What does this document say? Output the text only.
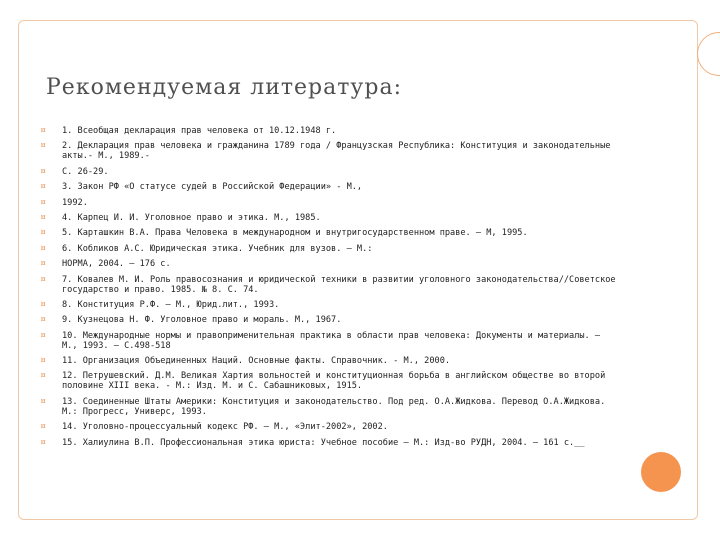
Рекомендуемая литература:
¤	1. Всеобщая декларация прав человека от 10.12.1948 г.
¤	2. Декларация прав человека и гражданина 1789 года / Французская Республика: Конституция и законодательные акты.- М., 1989.-
¤	С. 26-29.
¤	3. Закон РФ «О статусе судей в Российской Федерации» - М.,
¤	1992.
¤	4. Карпец И. И. Уголовное право и этика. М., 1985.
¤	5. Карташкин В.А. Права Человека в международном и внутригосударственном праве. – М, 1995.
¤	6. Кобликов А.С. Юридическая этика. Учебник для вузов. – М.:
¤	НОРМА, 2004. – 176 с.
¤	7. Ковалев М. И. Роль правосознания и юридической техники в развитии уголовного законодательства//Советское государство и право. 1985. № 8. С. 74.
¤	8. Конституция Р.Ф. – М., Юрид.лит., 1993.
¤	9. Кузнецова Н. Ф. Уголовное право и мораль. М., 1967.
¤	10. Международные нормы и правоприменительная практика в области прав человека: Документы и материалы. – М., 1993. – С.498-518
¤	11. Организация Объединенных Наций. Основные факты. Справочник. - М., 2000.
¤	12. Петрушевский. Д.М. Великая Хартия вольностей и конституционная борьба в английском обществе во второй половине XIII века. - М.: Изд. М. и С. Сабашниковых, 1915.
¤	13. Соединенные Штаты Америки: Конституция и законодательство. Под ред. О.А.Жидкова. Перевод О.А.Жидкова. М.: Прогресс, Универс, 1993.
¤	14. Уголовно-процессуальный кодекс РФ. – М., «Элит-2002», 2002.
¤	15. Халиулина В.П. Профессиональная этика юриста: Учебное пособие – М.: Изд-во РУДН, 2004. – 161 с.__
